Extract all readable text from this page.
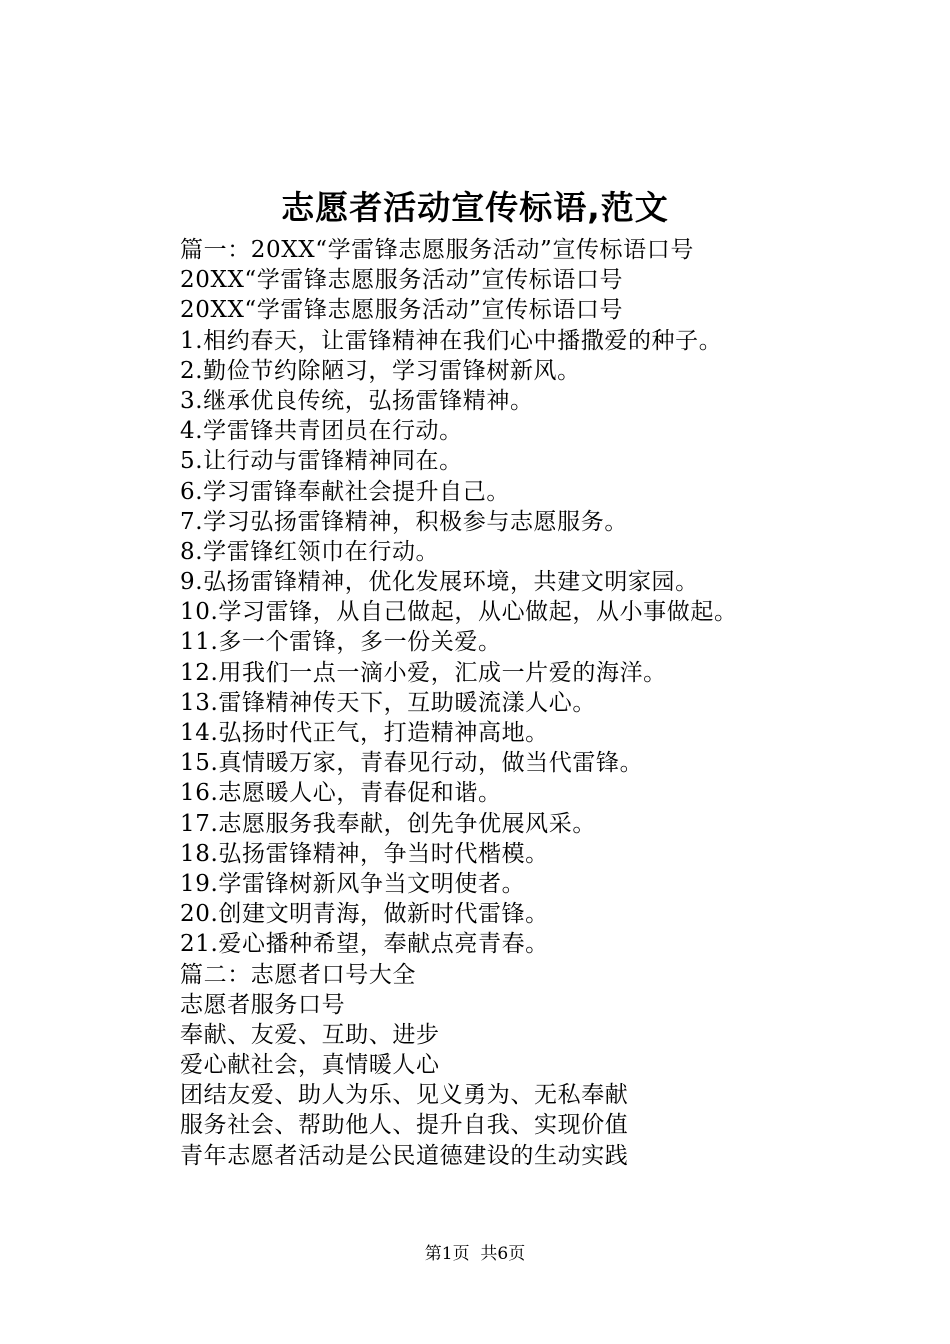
志愿者活动宣传标语,范文
篇一：20XX“学雷锋志愿服务活动”宣传标语口号
20XX“学雷锋志愿服务活动”宣传标语口号
20XX“学雷锋志愿服务活动”宣传标语口号
1.相约春天，让雷锋精神在我们心中播撒爱的种子。
2.勤俭节约除陋习，学习雷锋树新风。
3.继承优良传统，弘扬雷锋精神。
4.学雷锋共青团员在行动。
5.让行动与雷锋精神同在。
6.学习雷锋奉献社会提升自己。
7.学习弘扬雷锋精神，积极参与志愿服务。
8.学雷锋红领巾在行动。
9.弘扬雷锋精神，优化发展环境，共建文明家园。
10.学习雷锋，从自己做起，从心做起，从小事做起。
11.多一个雷锋，多一份关爱。
12.用我们一点一滴小爱，汇成一片爱的海洋。
13.雷锋精神传天下，互助暖流漾人心。
14.弘扬时代正气，打造精神高地。
15.真情暖万家，青春见行动，做当代雷锋。
16.志愿暖人心，青春促和谐。
17.志愿服务我奉献，创先争优展风采。
18.弘扬雷锋精神，争当时代楷模。
19.学雷锋树新风争当文明使者。
20.创建文明青海，做新时代雷锋。
21.爱心播种希望，奉献点亮青春。
篇二：志愿者口号大全
志愿者服务口号
奉献、友爱、互助、进步
爱心献社会，真情暖人心
团结友爱、助人为乐、见义勇为、无私奉献
服务社会、帮助他人、提升自我、实现价值
青年志愿者活动是公民道德建设的生动实践
第1页  共6页
